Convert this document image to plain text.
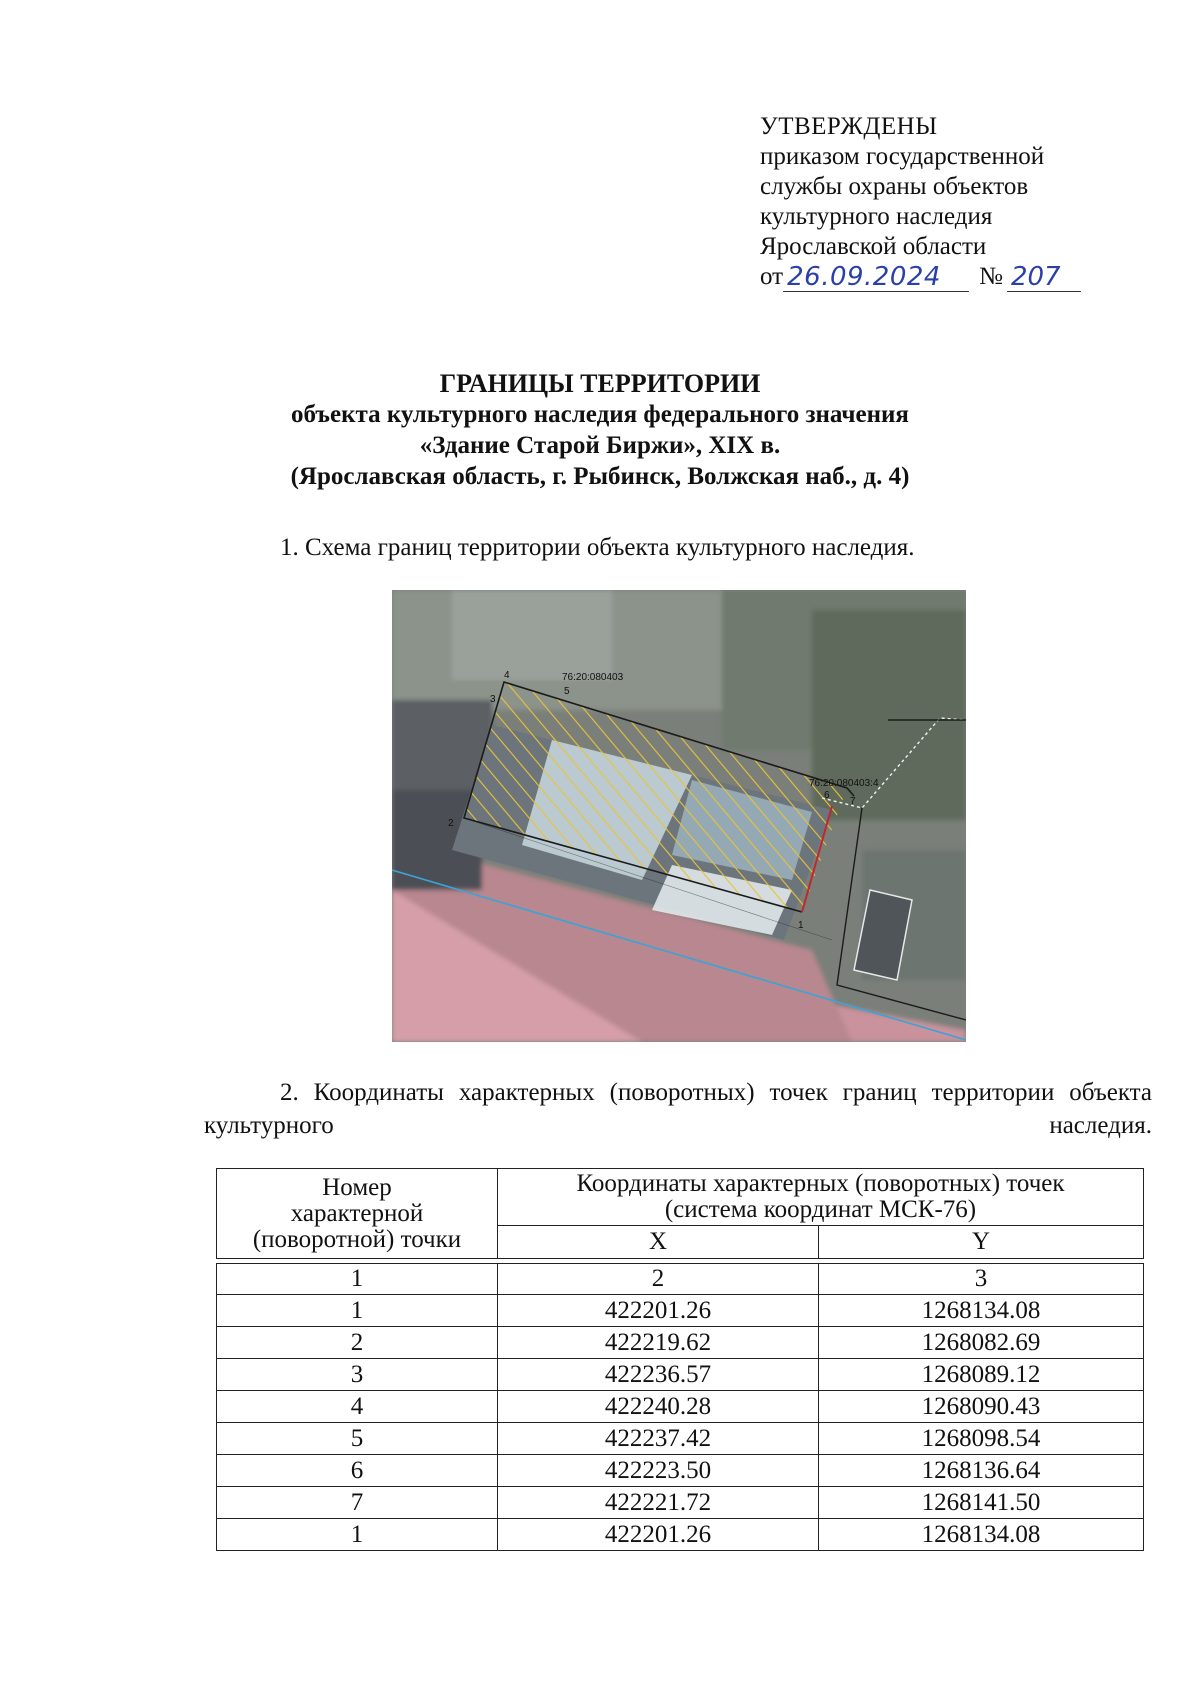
УТВЕРЖДЕНЫ
приказом государственной
службы охраны объектов
культурного наследия
Ярославской области
от 26.09.2024	№ 207
ГРАНИЦЫ ТЕРРИТОРИИ
объекта культурного наследия федерального значения
«Здание Старой Биржи», XIX в.
(Ярославская область, г. Рыбинск, Волжская наб., д. 4)
1. Схема границ территории объекта культурного наследия.
76:20:080403
76:20:080403:4
1
2
3
4
5
6
7
2. Координаты характерных (поворотных) точек границ территории объекта культурного наследия.
Номер
характерной
(поворотной) точки	Координаты характерных (поворотных) точек
(система координат МСК-76)	
	X	Y

1	2	3
1	422201.26	1268134.08
2	422219.62	1268082.69
3	422236.57	1268089.12
4	422240.28	1268090.43
5	422237.42	1268098.54
6	422223.50	1268136.64
7	422221.72	1268141.50
1	422201.26	1268134.08
